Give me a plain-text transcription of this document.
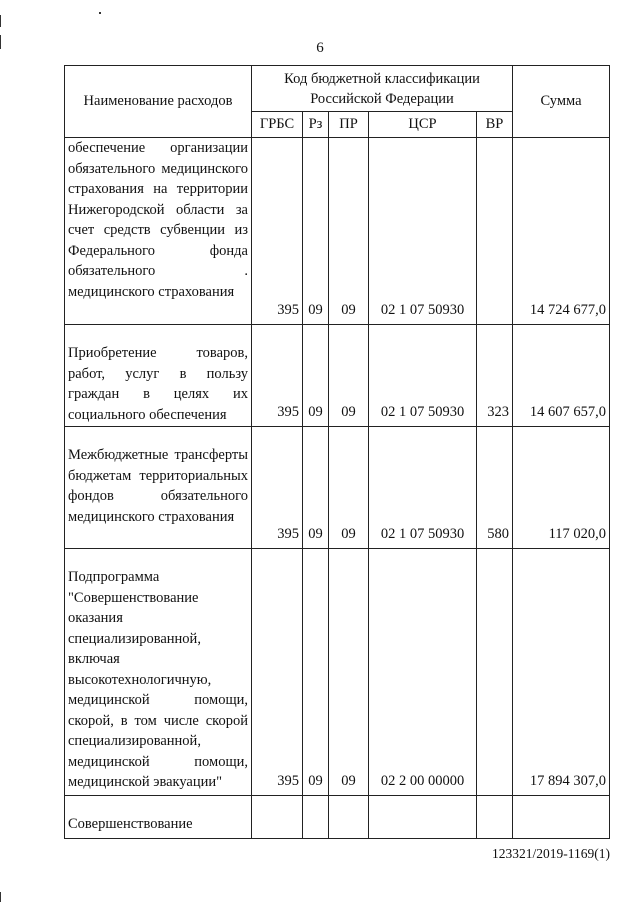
6
Наименование расходов	Код бюджетной классификации Российской Федерации					Сумма
	ГРБС	Рз	ПР	ЦСР	ВР	
обеспечение организации обязательного медицинского страхования на территории Нижегородской области за счет средств субвенции из Федерального фонда обязательного . медицинского страхования	395	09	09	02 1 07 50930		14 724 677,0
Приобретение товаров, работ, услуг в пользу граждан в целях их социального обеспечения	395	09	09	02 1 07 50930	323	14 607 657,0
Межбюджетные трансферты бюджетам территориальных фондов обязательного медицинского страхования	395	09	09	02 1 07 50930	580	117 020,0
Подпрограмма "Совершенствование оказания специализированной, включая высокотехнологичную, медицинской помощи, скорой, в том числе скорой специализированной, медицинской помощи, медицинской эвакуации"	395	09	09	02 2 00 00000		17 894 307,0
Совершенствование						
123321/2019-1169(1)
